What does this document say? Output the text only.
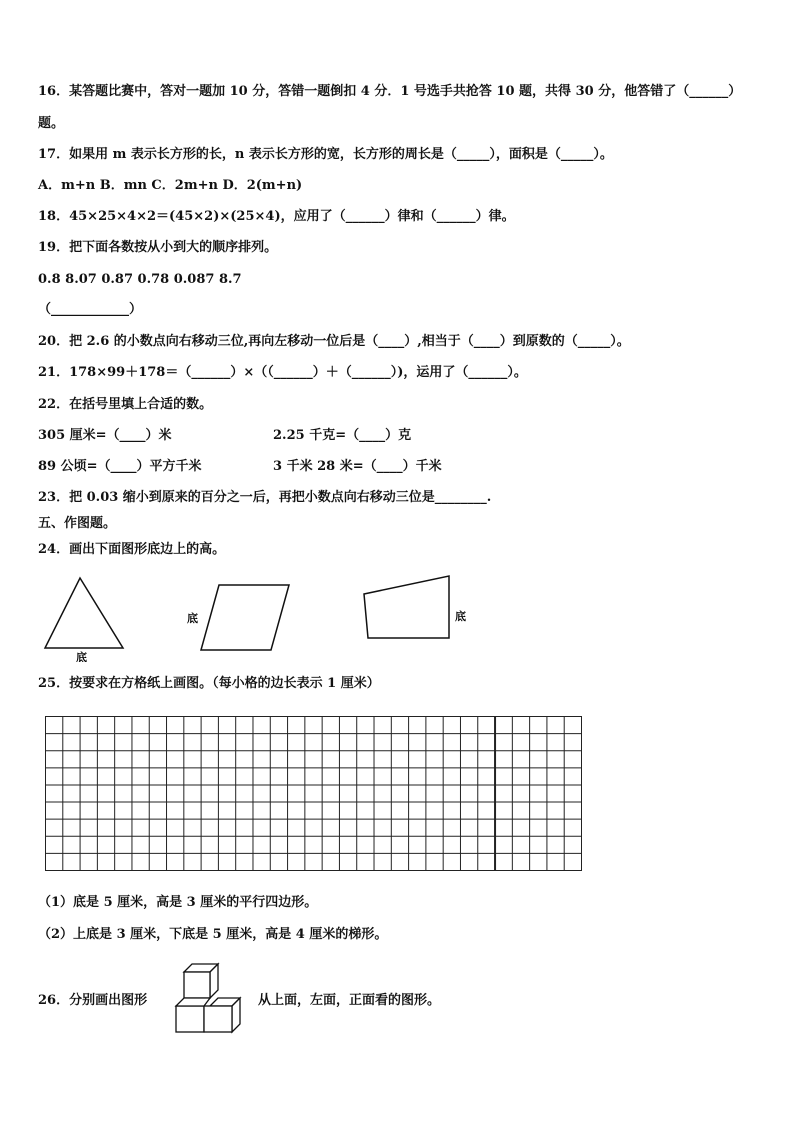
16．某答题比赛中，答对一题加 10 分，答错一题倒扣 4 分．1 号选手共抢答 10 题，共得 30 分，他答错了（______）
题。
17．如果用 m 表示长方形的长，n 表示长方形的宽，长方形的周长是（_____），面积是（_____）。
A．m+n B．mn C．2m+n D．2(m+n)
18．45×25×4×2＝(45×2)×(25×4)，应用了（______）律和（______）律。
19．把下面各数按从小到大的顺序排列。
0.8 8.07 0.87 0.78 0.087 8.7
（____________）
20．把 2.6 的小数点向右移动三位,再向左移动一位后是（____）,相当于（____）到原数的（_____）。
21．178×99＋178＝（______）×（（______）＋（______）)，运用了（______）。
22．在括号里填上合适的数。
305 厘米=（____）米	2.25 千克=（____）克
89 公顷=（____）平方千米	3 千米 28 米=（____）千米
23．把 0.03 缩小到原来的百分之一后，再把小数点向右移动三位是________.
五、作图题。
24．画出下面图形底边上的高。
底
底	底
25．按要求在方格纸上画图。（每小格的边长表示 1 厘米）
（1）底是 5 厘米，高是 3 厘米的平行四边形。
（2）上底是 3 厘米，下底是 5 厘米，高是 4 厘米的梯形。
26．分别画出图形	从上面，左面，正面看的图形。
